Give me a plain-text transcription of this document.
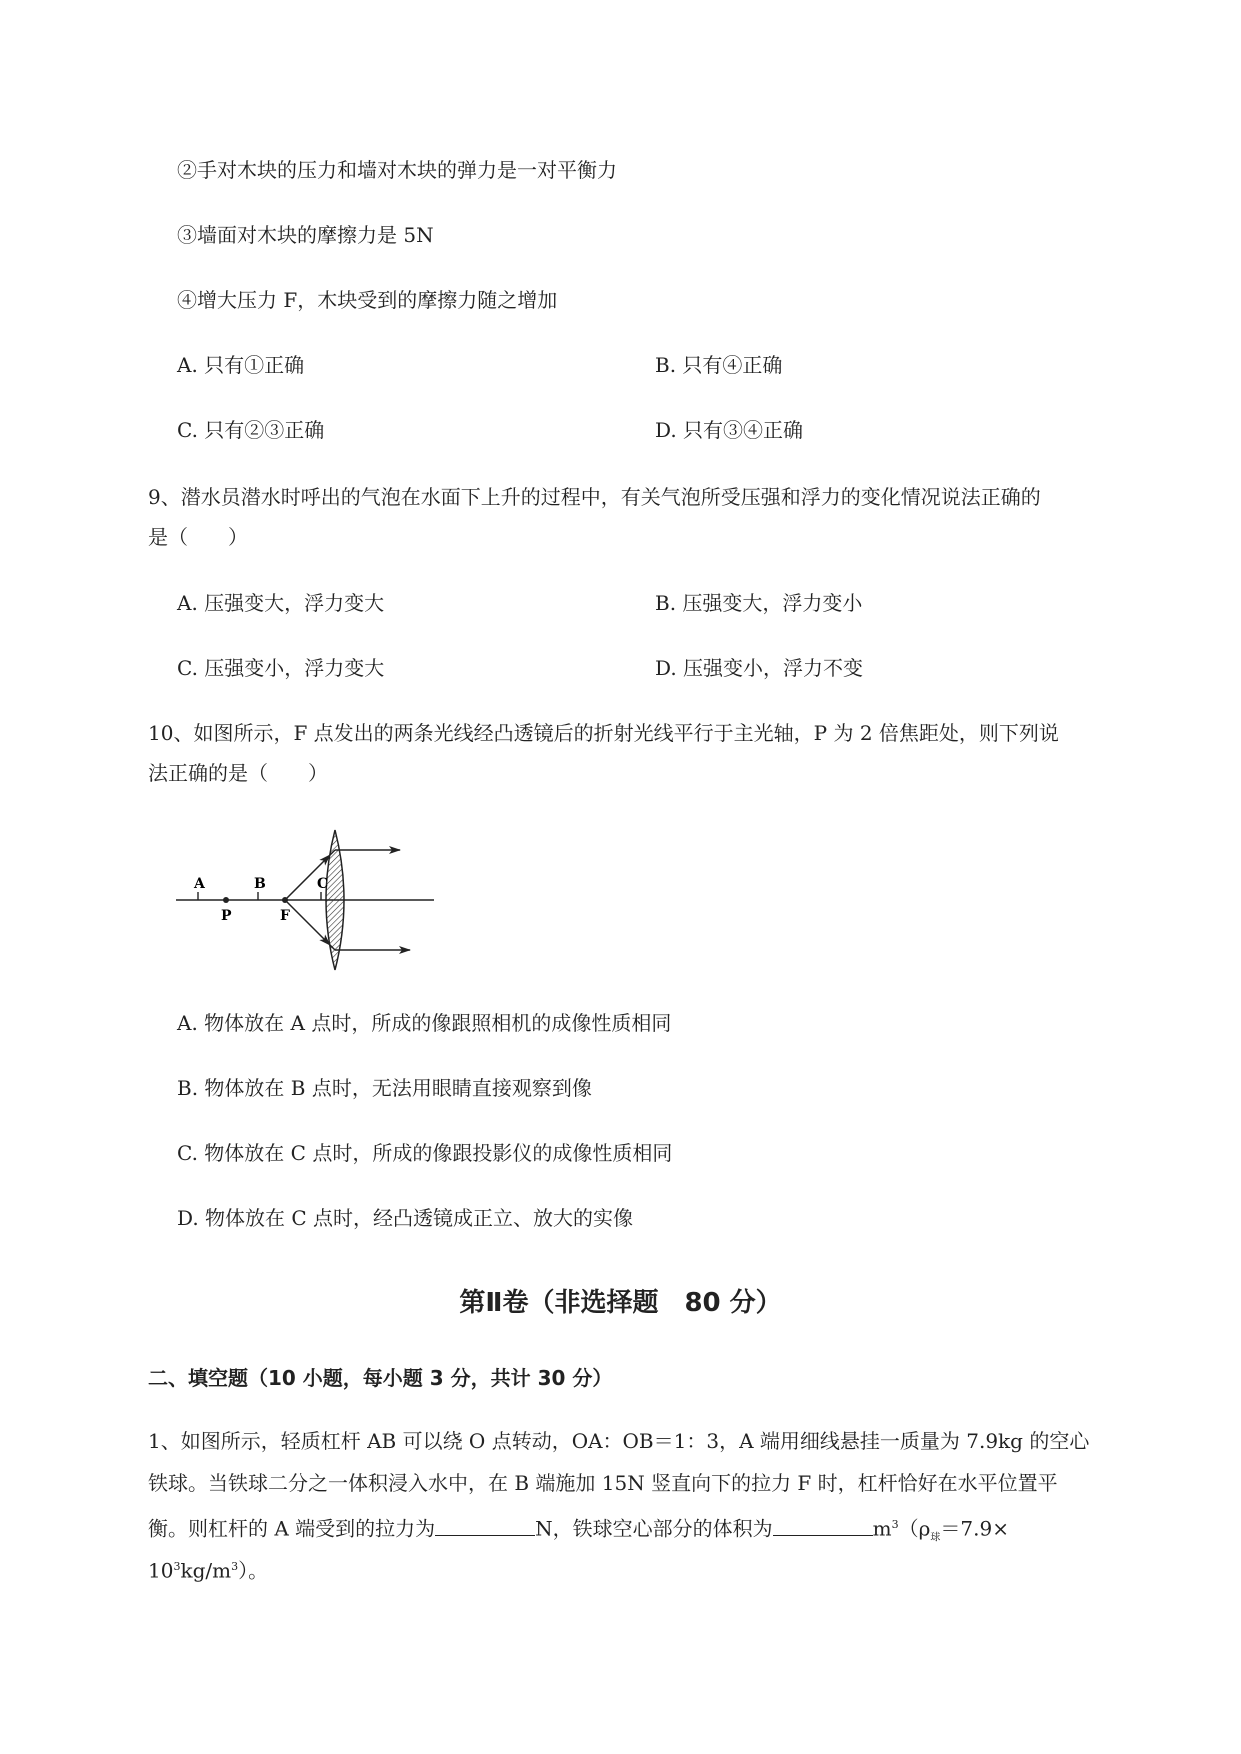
②手对木块的压力和墙对木块的弹力是一对平衡力
③墙面对木块的摩擦力是 5N
④增大压力 F，木块受到的摩擦力随之增加
A. 只有①正确	B. 只有④正确
C. 只有②③正确	D. 只有③④正确
9、潜水员潜水时呼出的气泡在水面下上升的过程中，有关气泡所受压强和浮力的变化情况说法正确的
是（　　）
A. 压强变大，浮力变大	B. 压强变大，浮力变小
C. 压强变小，浮力变大	D. 压强变小，浮力不变
10、如图所示，F 点发出的两条光线经凸透镜后的折射光线平行于主光轴，P 为 2 倍焦距处，则下列说
法正确的是（　　）
A	B	C
P	F
A. 物体放在 A 点时，所成的像跟照相机的成像性质相同
B. 物体放在 B 点时，无法用眼睛直接观察到像
C. 物体放在 C 点时，所成的像跟投影仪的成像性质相同
D. 物体放在 C 点时，经凸透镜成正立、放大的实像
第Ⅱ卷（非选择题　80 分）
二、填空题（10 小题，每小题 3 分，共计 30 分）
1、如图所示，轻质杠杆 AB 可以绕 O 点转动，OA：OB＝1：3，A 端用细线悬挂一质量为 7.9kg 的空心
铁球。当铁球二分之一体积浸入水中，在 B 端施加 15N 竖直向下的拉力 F 时，杠杆恰好在水平位置平
衡。则杠杆的 A 端受到的拉力为	N，铁球空心部分的体积为	$m^3(\rho_球=7.9\times$
$10^3kg/m^3$）。
